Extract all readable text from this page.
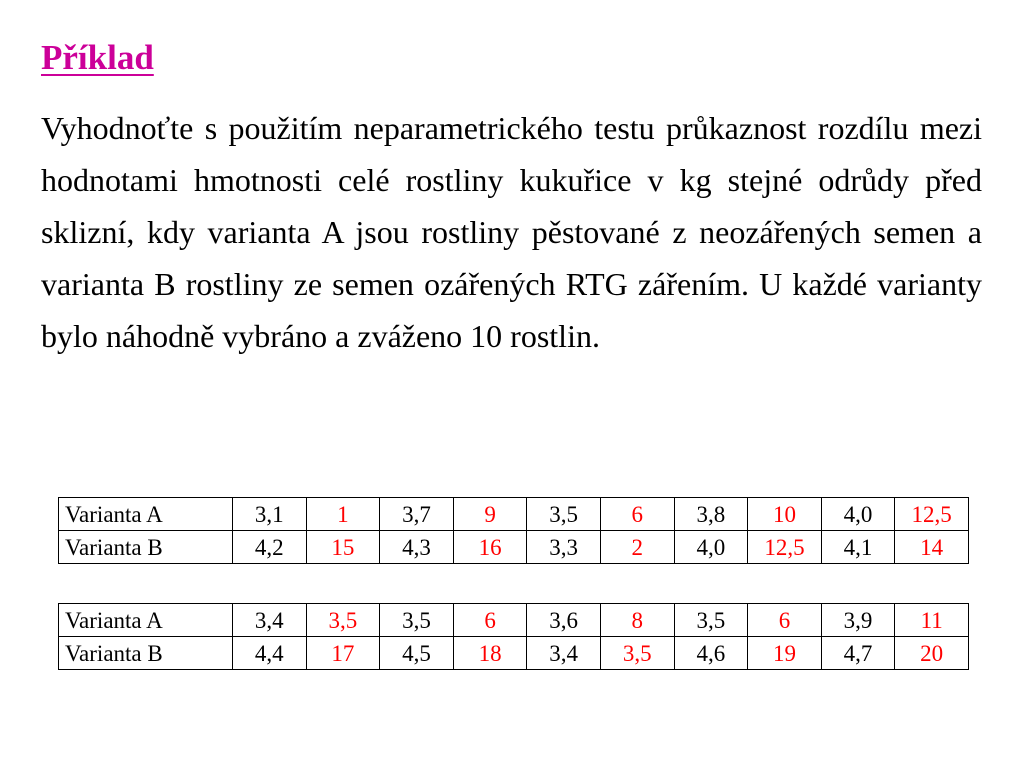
Příklad

Vyhodnoťte s použitím neparametrického testu průkaznost rozdílu mezi hodnotami hmotnosti celé rostliny kukuřice v kg stejné odrůdy před sklizní, kdy varianta A jsou rostliny pěstované z neozářených semen a varianta B rostliny ze semen ozářených RTG zářením. U každé varianty bylo náhodně vybráno a zváženo 10 rostlin.

Varianta A	3,1	1	3,7	9	3,5	6	3,8	10	4,0	12,5
Varianta B	4,2	15	4,3	16	3,3	2	4,0	12,5	4,1	14
Varianta A	3,4	3,5	3,5	6	3,6	8	3,5	6	3,9	11
Varianta B	4,4	17	4,5	18	3,4	3,5	4,6	19	4,7	20
